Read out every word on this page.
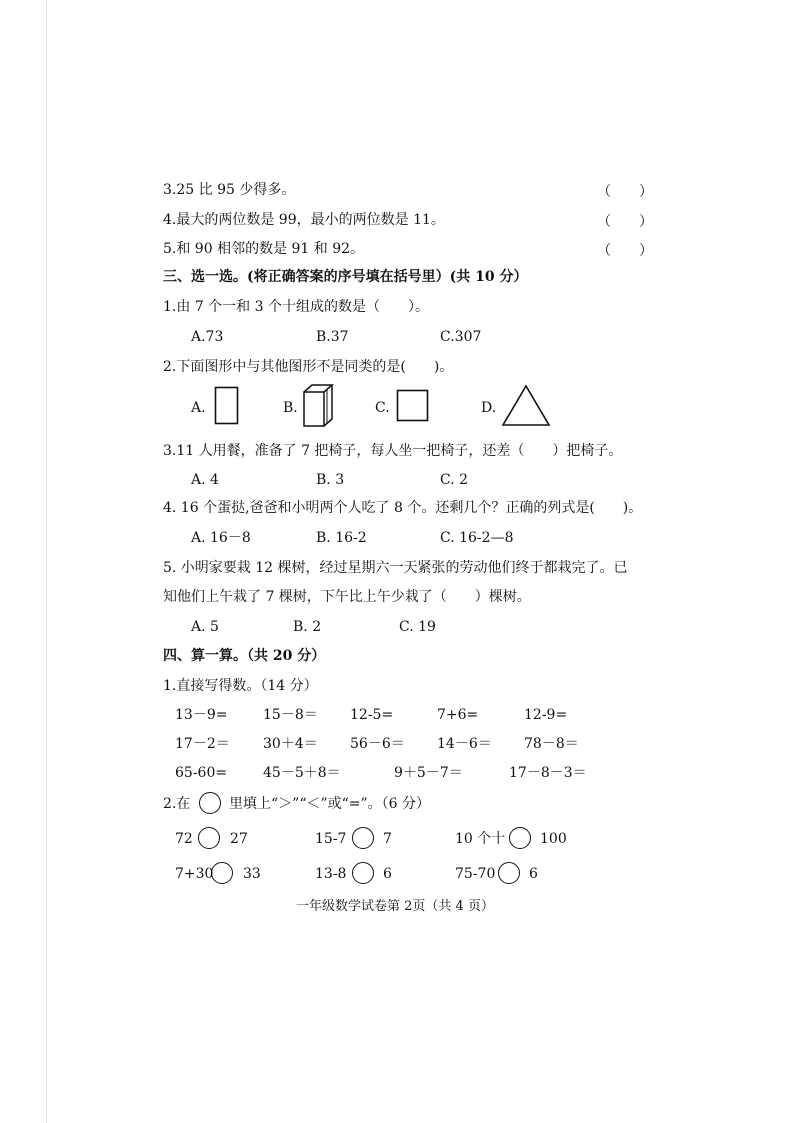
3.25 比 95 少得多。	（　　）
4.最大的两位数是 99，最小的两位数是 11。	（　　）
5.和 90 相邻的数是 91 和 92。	（　　）
三、选一选。(将正确答案的序号填在括号里）(共 10 分）
1.由 7 个一和 3 个十组成的数是（　　）。
A.73	B.37	C.307
2.下面图形中与其他图形不是同类的是(　　)。
A.	B.	C.	D.
3.11 人用餐，准备了 7 把椅子，每人坐一把椅子，还差（　　）把椅子。
A. 4	B. 3	C. 2
4. 16 个蛋挞,爸爸和小明两个人吃了 8 个。还剩几个？正确的列式是(　　)。
A. 16－8	B. 16-2	C. 16-2—8
5. 小明家要栽 12 棵树，经过星期六一天紧张的劳动他们终于都栽完了。已
知他们上午栽了 7 棵树，下午比上午少栽了（　　）棵树。
A. 5	B. 2	C. 19
四、算一算。（共 20 分）
1.直接写得数。（14 分）
13－9=	15－8＝ 12-5=	7+6=	12-9=
17－2＝ 30＋4＝ 56－6＝ 14－6＝ 78－8＝
65-60=	45－5＋8＝	9＋5－7＝	17－8－3＝
2.在	里填上“＞”“＜”或“=”。（6 分）
72	27	15-7	7	10 个十 100
7+30 33	13-8	6	75-70 6
一年级数学试卷第 2页（共 4 页）
